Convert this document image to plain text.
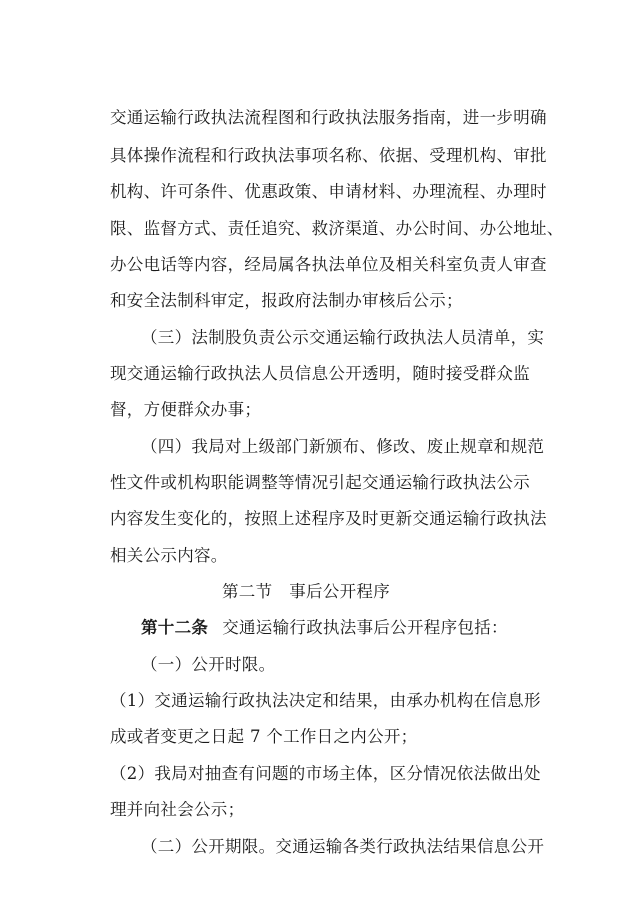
交通运输行政执法流程图和行政执法服务指南，进一步明确
具体操作流程和行政执法事项名称、依据、受理机构、审批
机构、许可条件、优惠政策、申请材料、办理流程、办理时
限、监督方式、责任追究、救济渠道、办公时间、办公地址、
办公电话等内容，经局属各执法单位及相关科室负责人审查
和安全法制科审定，报政府法制办审核后公示；
（三）法制股负责公示交通运输行政执法人员清单，实
现交通运输行政执法人员信息公开透明，随时接受群众监
督，方便群众办事；
（四）我局对上级部门新颁布、修改、废止规章和规范
性文件或机构职能调整等情况引起交通运输行政执法公示
内容发生变化的，按照上述程序及时更新交通运输行政执法
相关公示内容。
第二节　事后公开程序
第十二条 交通运输行政执法事后公开程序包括：
（一）公开时限。
（1）交通运输行政执法决定和结果，由承办机构在信息形
成或者变更之日起 7 个工作日之内公开；
（2）我局对抽查有问题的市场主体，区分情况依法做出处
理并向社会公示；
（二）公开期限。交通运输各类行政执法结果信息公开
